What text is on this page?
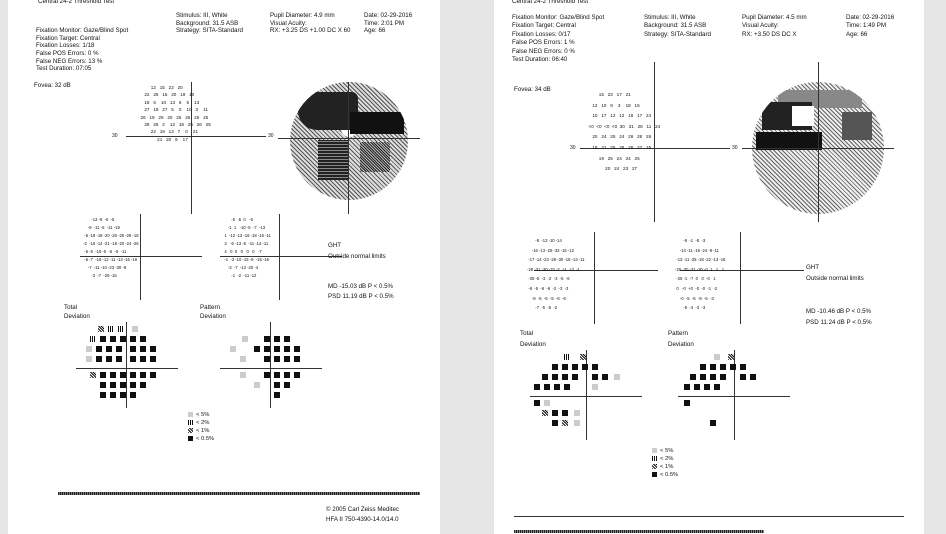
Central 24-2 Threshold Test

Fixation Monitor: Gaze/Blind Spot
Fixation Target: Central
Fixation Losses: 1/18
False POS Errors: 0 %
False NEG Errors: 13 %
Test Duration: 07:05

Stimulus: III, White
Background: 31.5 ASB
Strategy: SITA-Standard
Pupil Diameter: 4.9 mm
Visual Acuity:
RX: +3.25 DS +1.00 DC X 60
Date: 02-29-2016
Time: 2:01 PM
Age: 66
Fovea: 32 dB
30	30
12   15   22   20
22   25   15   20   19   10
18   5    10   13   6    5    13
27   18   27   5    0    10   3    11
26   19   25   20   25   25   25   25
28   26   2    12   18   25   26   25
22   19   13   7    0    21
21   20   9    17
-13 -9  -5  -5
-8  -11 -5  -11 -19
-5 -18 -18 -20 -26 -25 -28 -18
-2  -16 -14 -21 -18 -20 -24 -26
-5 -5  -15 -5  -5  -5  -11
-5 -7  -16 -12 -11 -13 -16 -16
-7  -11 -10 -23 -30 -9
-3  -7  -26 -15
-5  -5  0   -5
-1  1   -10 -5  -7  -13
1  -12 -13 -16 -18 -15 -11
3   -6 -13 -5  -11 -14 -11
4   0  0   0   0   0   -7
-1  -3 -10 -15 -9  -15 -16
-3  -7  -13 -20 -4
-1  -2  -11 -12
GHT
Outside normal limits
MD -15.03 dB P < 0.5%
PSD 11.19 dB P < 0.5%
Total
Deviation
Pattern
Deviation
< 5%
< 2%
< 1%
< 0.5%
© 2005 Carl Zeiss Meditec
HFA II 750-4390-14.0/14.0
Central 24-2 Threshold Test
Fixation Monitor: Gaze/Blind Spot
Fixation Target: Central
Fixation Losses: 0/17
False POS Errors: 1 %
False NEG Errors: 0 %
Test Duration: 06:40
Stimulus: III, White
Background: 31.5 ASB
Strategy: SITA-Standard
Pupil Diameter: 4.5 mm
Visual Acuity:
RX: +3.50 DS DC X
Date: 02-29-2016
Time: 1:49 PM
Age: 66
Fovea: 34 dB
30	30
15   23   17   21
12   10   9    3    18   15
10   17   12   12   16   17   24
<0  <0  <0  <0  30   31   28   11   24
20   24   25   24   26   28   26
18   21   25   26   26   27   25
19   25   24   24   25
20   24   23   27
-9  -13 -10 -14
-16 -13 -25 -33 -16 -12
-17 -14 -23 -28 -30 -18 -13 -11
-28 -31 -30 -32 -2  +1  +2  -1
-26 -5  -3  -2  -3  -5  -6
-9  -5  -6  -6  -2  -3  -3
-9  -5  -5  -5  -6  -6
-7  -5  -5  -2
-8  -1  -8  -3
-14 -11 -16 -24 -9 -11
-13 -11 -25 -18 -22 -13 -16
-26 -30 -31 -30 -0  1   1   1
-25 -1  -7  0   0  -0   1
0   -0  +0  -0  -0  -1  -2
-0  -5  -5  -8  -5  -3
-5  -4  -3  -3
GHT
Outside normal limits
MD -10.46 dB P < 0.5%
PSD 11.24 dB P < 0.5%
Total
Deviation
Pattern
Deviation
< 5%
< 2%
< 1%
< 0.5%
